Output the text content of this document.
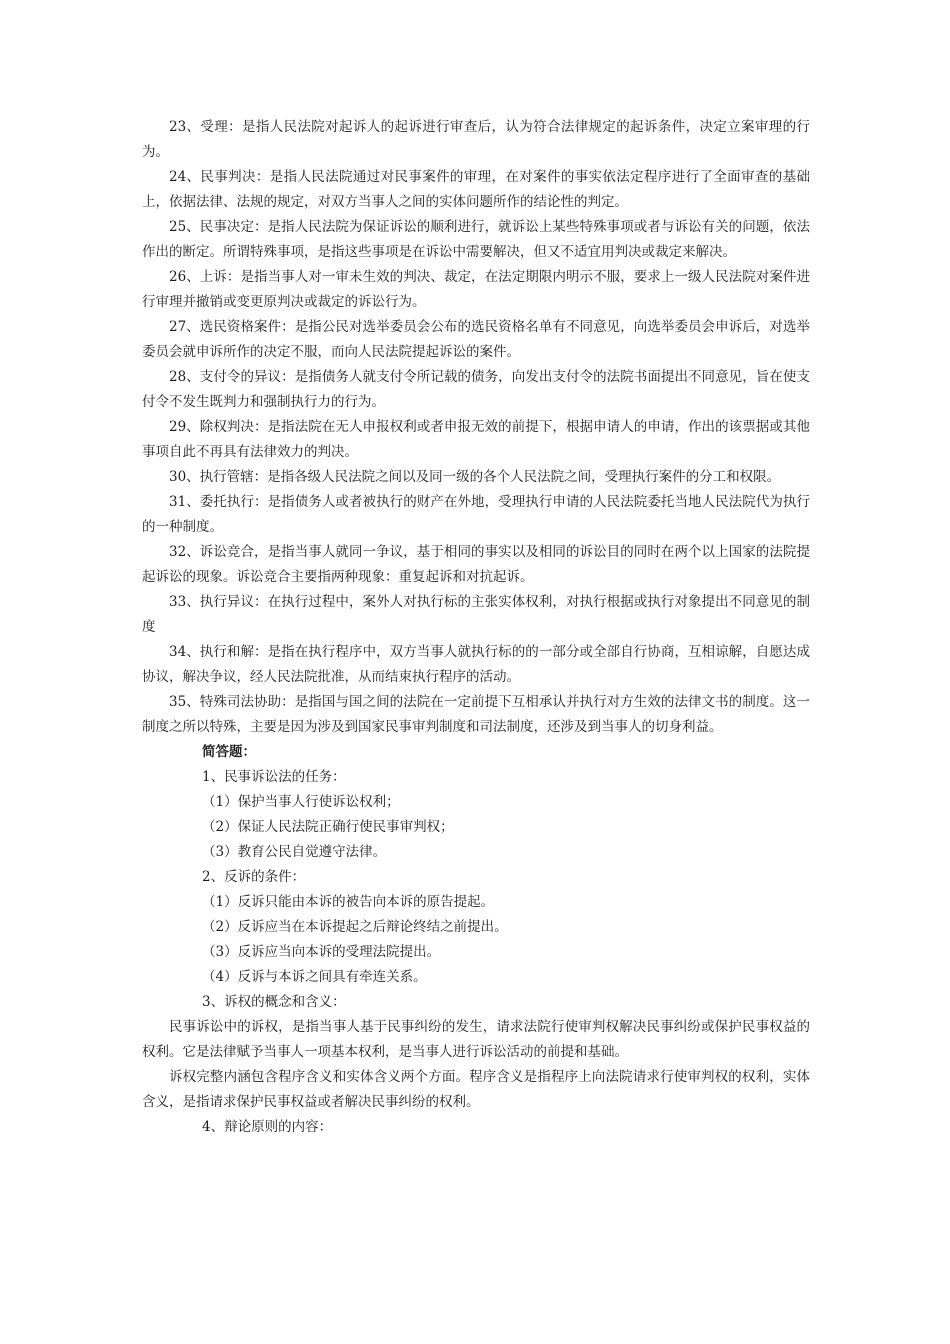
23、受理：是指人民法院对起诉人的起诉进行审查后，认为符合法律规定的起诉条件，决定立案审理的行为。

24、民事判决：是指人民法院通过对民事案件的审理，在对案件的事实依法定程序进行了全面审查的基础上，依据法律、法规的规定，对双方当事人之间的实体问题所作的结论性的判定。

25、民事决定：是指人民法院为保证诉讼的顺利进行，就诉讼上某些特殊事项或者与诉讼有关的问题，依法作出的断定。所谓特殊事项，是指这些事项是在诉讼中需要解决，但又不适宜用判决或裁定来解决。

26、上诉：是指当事人对一审未生效的判决、裁定，在法定期限内明示不服，要求上一级人民法院对案件进行审理并撤销或变更原判决或裁定的诉讼行为。

27、选民资格案件：是指公民对选举委员会公布的选民资格名单有不同意见，向选举委员会申诉后，对选举委员会就申诉所作的决定不服，而向人民法院提起诉讼的案件。

28、支付令的异议：是指债务人就支付令所记载的债务，向发出支付令的法院书面提出不同意见，旨在使支付令不发生既判力和强制执行力的行为。

29、除权判决：是指法院在无人申报权利或者申报无效的前提下，根据申请人的申请，作出的该票据或其他事项自此不再具有法律效力的判决。

30、执行管辖：是指各级人民法院之间以及同一级的各个人民法院之间，受理执行案件的分工和权限。

31、委托执行：是指债务人或者被执行的财产在外地，受理执行申请的人民法院委托当地人民法院代为执行的一种制度。

32、诉讼竞合，是指当事人就同一争议，基于相同的事实以及相同的诉讼目的同时在两个以上国家的法院提起诉讼的现象。诉讼竞合主要指两种现象：重复起诉和对抗起诉。

33、执行异议：在执行过程中，案外人对执行标的主张实体权利，对执行根据或执行对象提出不同意见的制度

34、执行和解：是指在执行程序中，双方当事人就执行标的的一部分或全部自行协商，互相谅解，自愿达成协议，解决争议，经人民法院批准，从而结束执行程序的活动。

35、特殊司法协助：是指国与国之间的法院在一定前提下互相承认并执行对方生效的法律文书的制度。这一制度之所以特殊，主要是因为涉及到国家民事审判制度和司法制度，还涉及到当事人的切身利益。

简答题：

1、民事诉讼法的任务：

（1）保护当事人行使诉讼权利；

（2）保证人民法院正确行使民事审判权；

（3）教育公民自觉遵守法律。

2、反诉的条件：

（1）反诉只能由本诉的被告向本诉的原告提起。

（2）反诉应当在本诉提起之后辩论终结之前提出。

（3）反诉应当向本诉的受理法院提出。

（4）反诉与本诉之间具有牵连关系。

3、诉权的概念和含义：

民事诉讼中的诉权，是指当事人基于民事纠纷的发生，请求法院行使审判权解决民事纠纷或保护民事权益的权利。它是法律赋予当事人一项基本权利，是当事人进行诉讼活动的前提和基础。

诉权完整内涵包含程序含义和实体含义两个方面。程序含义是指程序上向法院请求行使审判权的权利，实体含义，是指请求保护民事权益或者解决民事纠纷的权利。

4、辩论原则的内容：
